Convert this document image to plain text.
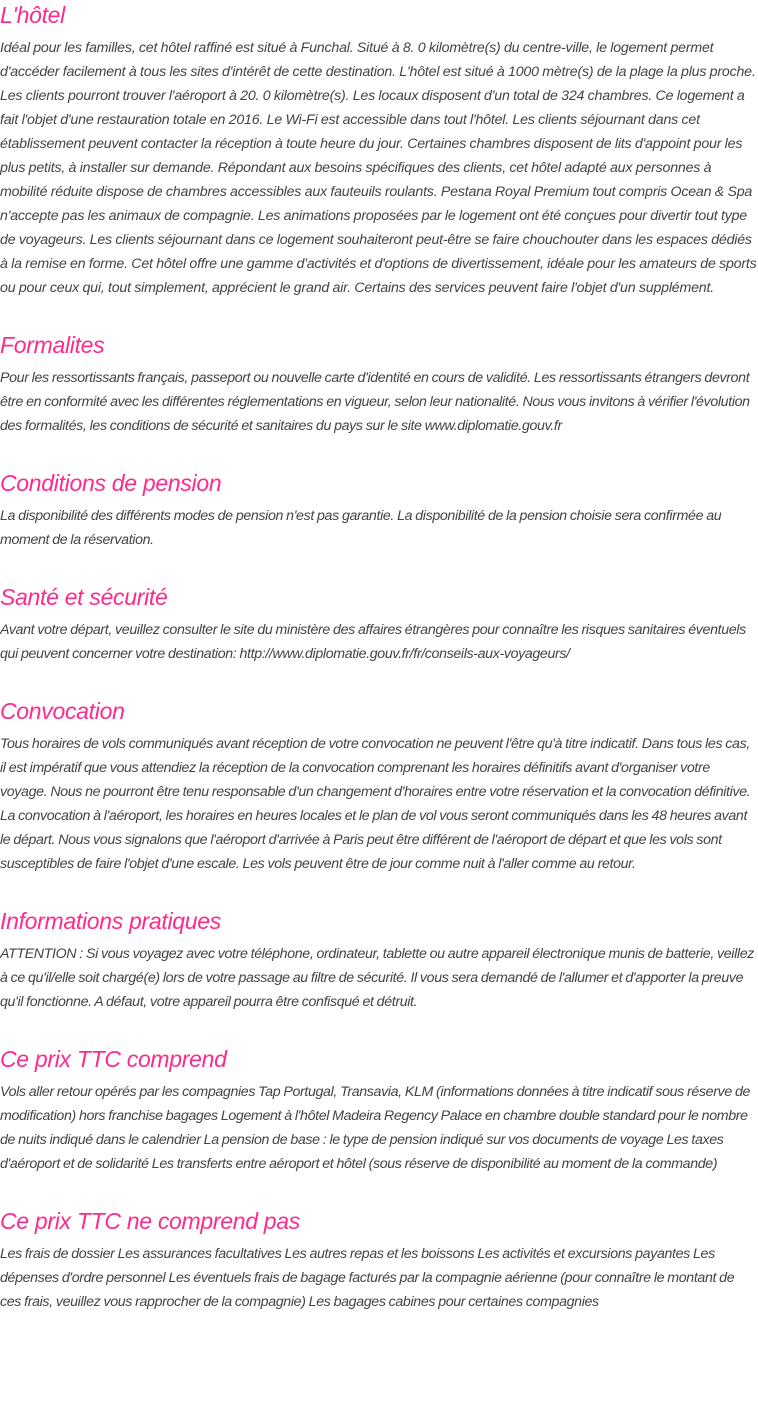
L'hôtel

Idéal pour les familles, cet hôtel raffiné est situé à Funchal. Situé à 8. 0 kilomètre(s) du centre-ville, le logement permet d'accéder facilement à tous les sites d'intérêt de cette destination. L'hôtel est situé à 1000 mètre(s) de la plage la plus proche. Les clients pourront trouver l'aéroport à 20. 0 kilomètre(s). Les locaux disposent d'un total de 324 chambres. Ce logement a fait l'objet d'une restauration totale en 2016. Le Wi-Fi est accessible dans tout l'hôtel. Les clients séjournant dans cet établissement peuvent contacter la réception à toute heure du jour. Certaines chambres disposent de lits d'appoint pour les plus petits, à installer sur demande. Répondant aux besoins spécifiques des clients, cet hôtel adapté aux personnes à mobilité réduite dispose de chambres accessibles aux fauteuils roulants. Pestana Royal Premium tout compris Ocean & Spa n'accepte pas les animaux de compagnie. Les animations proposées par le logement ont été conçues pour divertir tout type de voyageurs. Les clients séjournant dans ce logement souhaiteront peut-être se faire chouchouter dans les espaces dédiés à la remise en forme. Cet hôtel offre une gamme d'activités et d'options de divertissement, idéale pour les amateurs de sports ou pour ceux qui, tout simplement, apprécient le grand air. Certains des services peuvent faire l'objet d'un supplément.

Formalites

Pour les ressortissants français, passeport ou nouvelle carte d'identité en cours de validité. Les ressortissants étrangers devront être en conformité avec les différentes réglementations en vigueur, selon leur nationalité. Nous vous invitons à vérifier l'évolution des formalités, les conditions de sécurité et sanitaires du pays sur le site www.diplomatie.gouv.fr

Conditions de pension

La disponibilité des différents modes de pension n'est pas garantie. La disponibilité de la pension choisie sera confirmée au moment de la réservation.

Santé et sécurité

Avant votre départ, veuillez consulter le site du ministère des affaires étrangères pour connaître les risques sanitaires éventuels qui peuvent concerner votre destination: http://www.diplomatie.gouv.fr/fr/conseils-aux-voyageurs/

Convocation

Tous horaires de vols communiqués avant réception de votre convocation ne peuvent l'être qu'à titre indicatif. Dans tous les cas, il est impératif que vous attendiez la réception de la convocation comprenant les horaires définitifs avant d'organiser votre voyage. Nous ne pourront être tenu responsable d'un changement d'horaires entre votre réservation et la convocation définitive. La convocation à l'aéroport, les horaires en heures locales et le plan de vol vous seront communiqués dans les 48 heures avant le départ. Nous vous signalons que l'aéroport d'arrivée à Paris peut être différent de l'aéroport de départ et que les vols sont susceptibles de faire l'objet d'une escale. Les vols peuvent être de jour comme nuit à l'aller comme au retour.

Informations pratiques

ATTENTION : Si vous voyagez avec votre téléphone, ordinateur, tablette ou autre appareil électronique munis de batterie, veillez à ce qu'il/elle soit chargé(e) lors de votre passage au filtre de sécurité. Il vous sera demandé de l'allumer et d'apporter la preuve qu'il fonctionne. A défaut, votre appareil pourra être confisqué et détruit.

Ce prix TTC comprend

Vols aller retour opérés par les compagnies Tap Portugal, Transavia, KLM (informations données à titre indicatif sous réserve de modification) hors franchise bagages Logement à l'hôtel Madeira Regency Palace en chambre double standard pour le nombre de nuits indiqué dans le calendrier La pension de base : le type de pension indiqué sur vos documents de voyage Les taxes d'aéroport et de solidarité Les transferts entre aéroport et hôtel (sous réserve de disponibilité au moment de la commande)

Ce prix TTC ne comprend pas

Les frais de dossier Les assurances facultatives Les autres repas et les boissons Les activités et excursions payantes Les dépenses d'ordre personnel Les éventuels frais de bagage facturés par la compagnie aérienne (pour connaître le montant de ces frais, veuillez vous rapprocher de la compagnie) Les bagages cabines pour certaines compagnies
